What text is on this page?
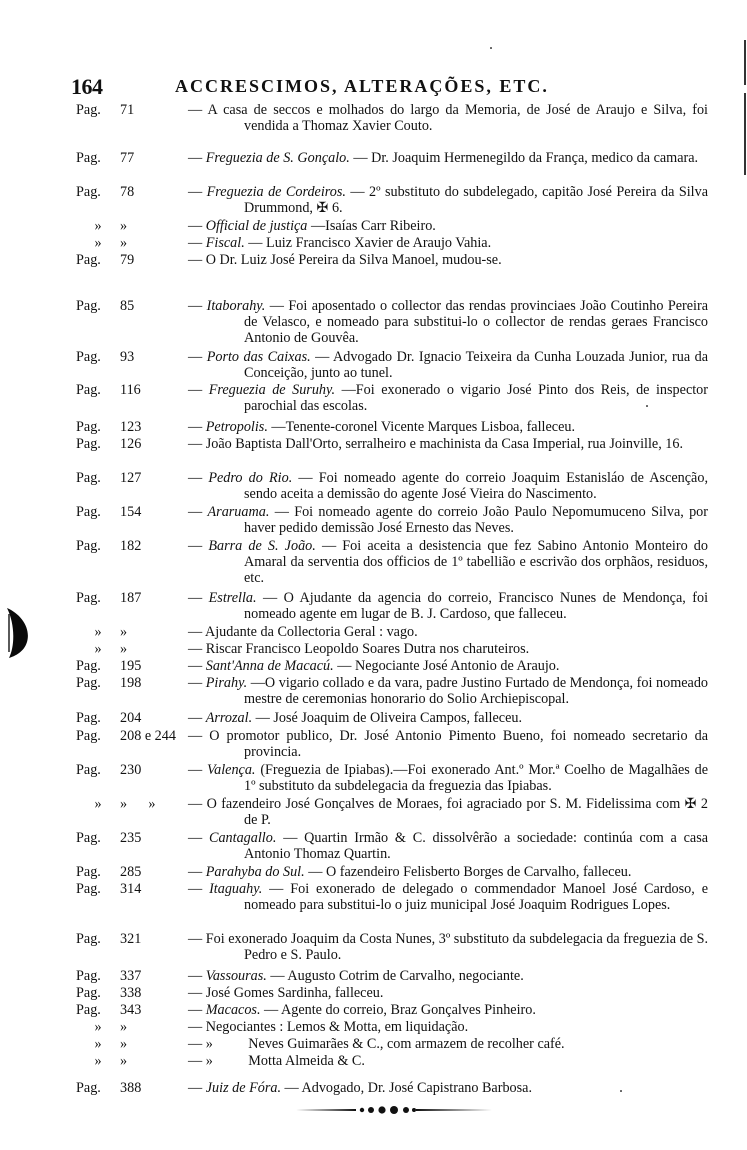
164	ACCRESCIMOS, ALTERAÇÕES, ETC.
Pag. 71	— A casa de seccos e molhados do largo da Memoria, de José de Araujo e Silva, foi vendida a Thomaz Xavier Couto.
Pag. 77	— Freguezia de S. Gonçalo. — Dr. Joaquim Hermenegildo da França, medico da camara.
Pag. 78	— Freguezia de Cordeiros. — 2º substituto do subdelegado, capitão José Pereira da Silva Drummond, ✠ 6.
» »	— Official de justiça —Isaías Carr Ribeiro.
» »	— Fiscal. — Luiz Francisco Xavier de Araujo Vahia.
Pag. 79	— O Dr. Luiz José Pereira da Silva Manoel, mudou-se.
Pag. 85	— Itaborahy. — Foi aposentado o collector das rendas provinciaes João Coutinho Pereira de Velasco, e nomeado para substitui-lo o collector de rendas geraes Francisco Antonio de Gouvêa.
Pag. 93	— Porto das Caixas. — Advogado Dr. Ignacio Teixeira da Cunha Louzada Junior, rua da Conceição, junto ao tunel.
Pag. 116	— Freguezia de Suruhy. —Foi exonerado o vigario José Pinto dos Reis, de inspector parochial das escolas.
Pag. 123	— Petropolis. —Tenente-coronel Vicente Marques Lisboa, falleceu.
Pag. 126	— João Baptista Dall'Orto, serralheiro e machinista da Casa Imperial, rua Joinville, 16.
Pag. 127	— Pedro do Rio. — Foi nomeado agente do correio Joaquim Estanisláo de Ascenção, sendo aceita a demissão do agente José Vieira do Nascimento.
Pag. 154	— Araruama. — Foi nomeado agente do correio João Paulo Nepomumuceno Silva, por haver pedido demissão José Ernesto das Neves.
Pag. 182	— Barra de S. João. — Foi aceita a desistencia que fez Sabino Antonio Monteiro do Amaral da serventia dos officios de 1º tabellião e escrivão dos orphãos, residuos, etc.
Pag. 187	— Estrella. — O Ajudante da agencia do correio, Francisco Nunes de Mendonça, foi nomeado agente em lugar de B. J. Cardoso, que falleceu.
» »	— Ajudante da Collectoria Geral : vago.
» »	— Riscar Francisco Leopoldo Soares Dutra nos charuteiros.
Pag. 195	— Sant'Anna de Macacú. — Negociante José Antonio de Araujo.
Pag. 198	— Pirahy. —O vigario collado e da vara, padre Justino Furtado de Mendonça, foi nomeado mestre de ceremonias honorario do Solio Archiepiscopal.
Pag. 204	— Arrozal. — José Joaquim de Oliveira Campos, falleceu.
Pag. 208 e 244 — O promotor publico, Dr. José Antonio Pimento Bueno, foi nomeado secretario da provincia.
Pag. 230	— Valença. (Freguezia de Ipiabas).—Foi exonerado Ant.º Mor.ª Coelho de Magalhães de 1º substituto da subdelegacia da freguezia das Ipiabas.
» »      »	— O fazendeiro José Gonçalves de Moraes, foi agraciado por S. M. Fidelissima com ✠ 2 de P.
Pag. 235	— Cantagallo. — Quartin Irmão & C. dissolvêrão a sociedade: continúa com a casa Antonio Thomaz Quartin.
Pag. 285	— Parahyba do Sul. — O fazendeiro Felisberto Borges de Carvalho, falleceu.
Pag. 314	— Itaguahy. — Foi exonerado de delegado o commendador Manoel José Cardoso, e nomeado para substitui-lo o juiz municipal José Joaquim Rodrigues Lopes.
Pag. 321	— Foi exonerado Joaquim da Costa Nunes, 3º substituto da subdelegacia da freguezia de S. Pedro e S. Paulo.
Pag. 337	— Vassouras. — Augusto Cotrim de Carvalho, negociante.
Pag. 338	— José Gomes Sardinha, falleceu.
Pag. 343	— Macacos. — Agente do correio, Braz Gonçalves Pinheiro.
» »	— Negociantes : Lemos & Motta, em liquidação.
» »	— »          Neves Guimarães & C., com armazem de recolher café.
» »	— »          Motta Almeida & C.
Pag. 388	— Juiz de Fóra. — Advogado, Dr. José Capistrano Barbosa.
